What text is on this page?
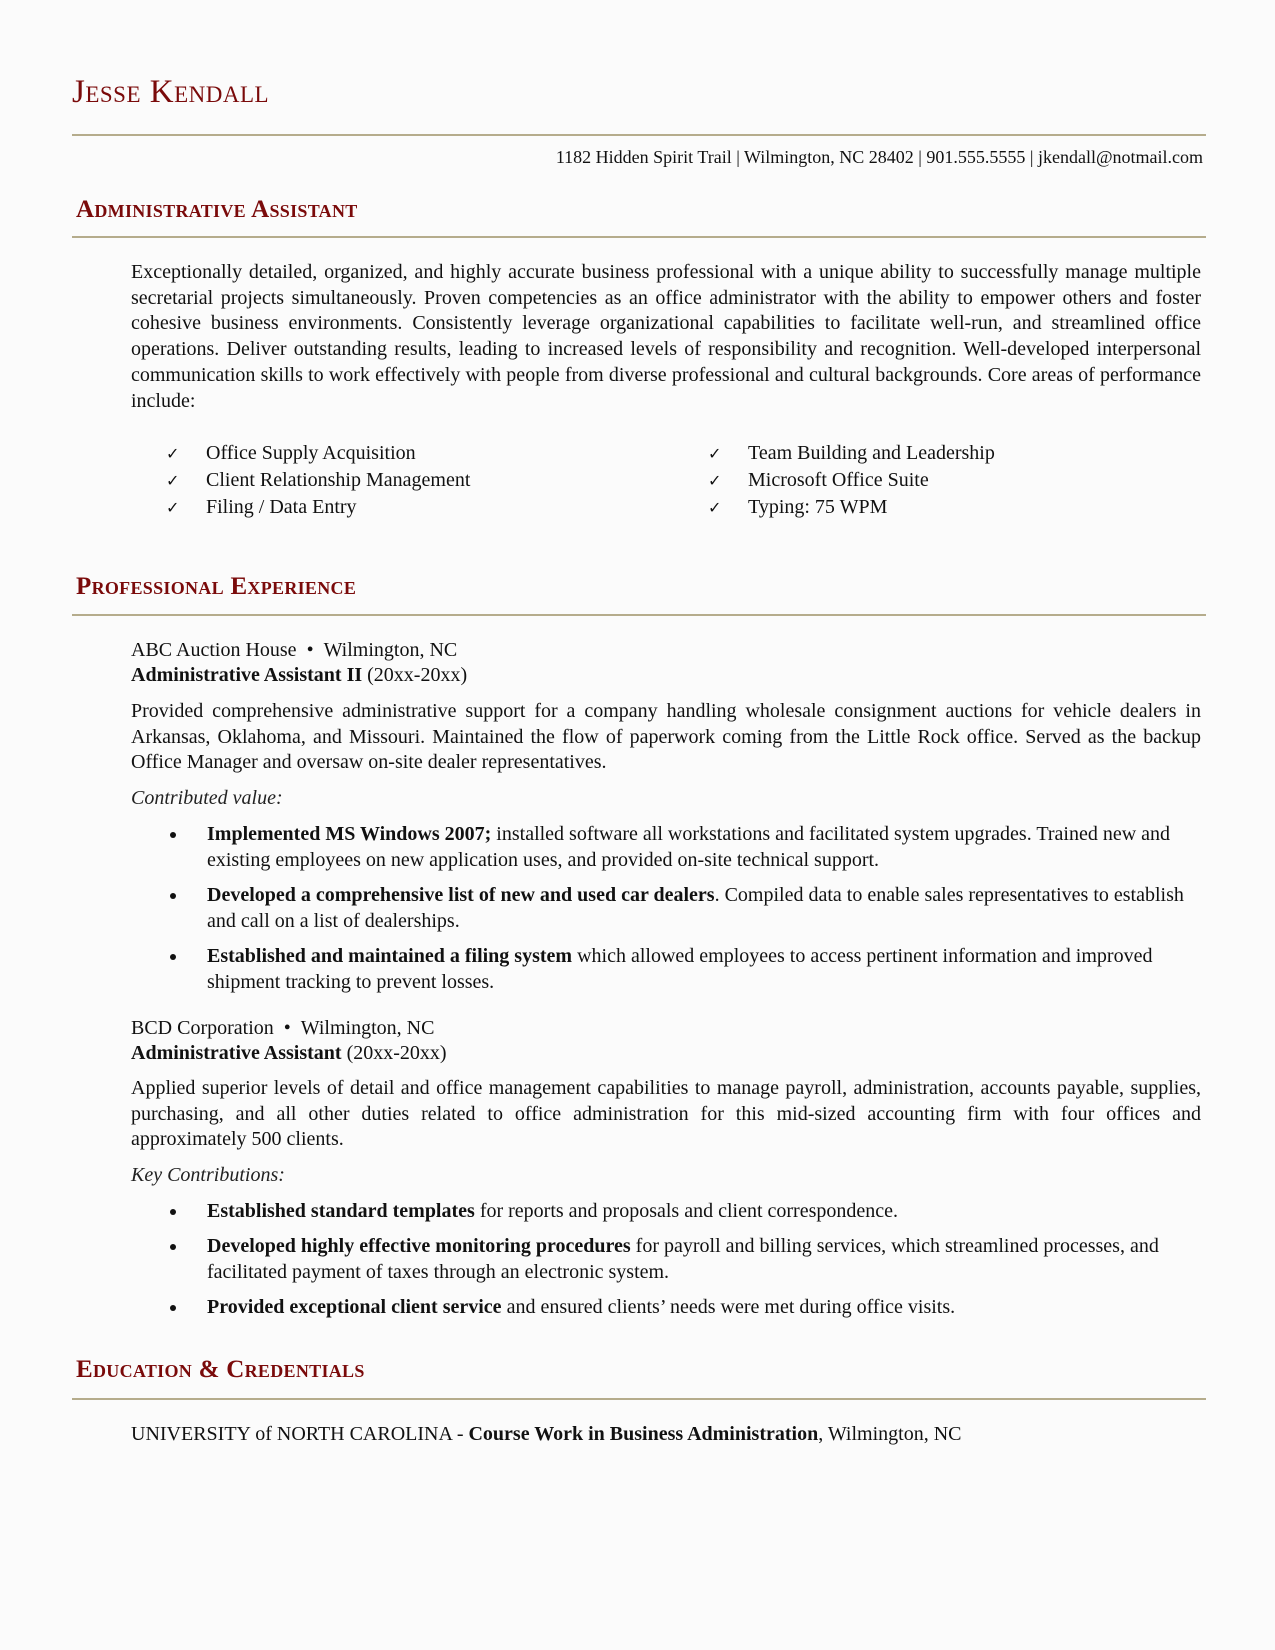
Jesse Kendall
1182 Hidden Spirit Trail | Wilmington, NC 28402 | 901.555.5555 | jkendall@notmail.com
Administrative Assistant
Exceptionally detailed, organized, and highly accurate business professional with a unique ability to successfully manage multiple secretarial projects simultaneously. Proven competencies as an office administrator with the ability to empower others and foster cohesive business environments. Consistently leverage organizational capabilities to facilitate well-run, and streamlined office operations. Deliver outstanding results, leading to increased levels of responsibility and recognition. Well-developed interpersonal communication skills to work effectively with people from diverse professional and cultural backgrounds. Core areas of performance include:
✓	Office Supply Acquisition
✓	Client Relationship Management
✓	Filing / Data Entry
✓	Team Building and Leadership
✓	Microsoft Office Suite
✓	Typing: 75 WPM
Professional Experience
ABC Auction House • Wilmington, NC
Administrative Assistant II (20xx-20xx)
Provided comprehensive administrative support for a company handling wholesale consignment auctions for vehicle dealers in Arkansas, Oklahoma, and Missouri. Maintained the flow of paperwork coming from the Little Rock office. Served as the backup Office Manager and oversaw on-site dealer representatives.
Contributed value:
Implemented MS Windows 2007; installed software all workstations and facilitated system upgrades. Trained new and existing employees on new application uses, and provided on-site technical support.
Developed a comprehensive list of new and used car dealers. Compiled data to enable sales representatives to establish and call on a list of dealerships.
Established and maintained a filing system which allowed employees to access pertinent information and improved shipment tracking to prevent losses.
BCD Corporation • Wilmington, NC
Administrative Assistant (20xx-20xx)
Applied superior levels of detail and office management capabilities to manage payroll, administration, accounts payable, supplies, purchasing, and all other duties related to office administration for this mid-sized accounting firm with four offices and approximately 500 clients.
Key Contributions:
Established standard templates for reports and proposals and client correspondence.
Developed highly effective monitoring procedures for payroll and billing services, which streamlined processes, and facilitated payment of taxes through an electronic system.
Provided exceptional client service and ensured clients’ needs were met during office visits.
Education & Credentials
UNIVERSITY of NORTH CAROLINA - Course Work in Business Administration, Wilmington, NC
